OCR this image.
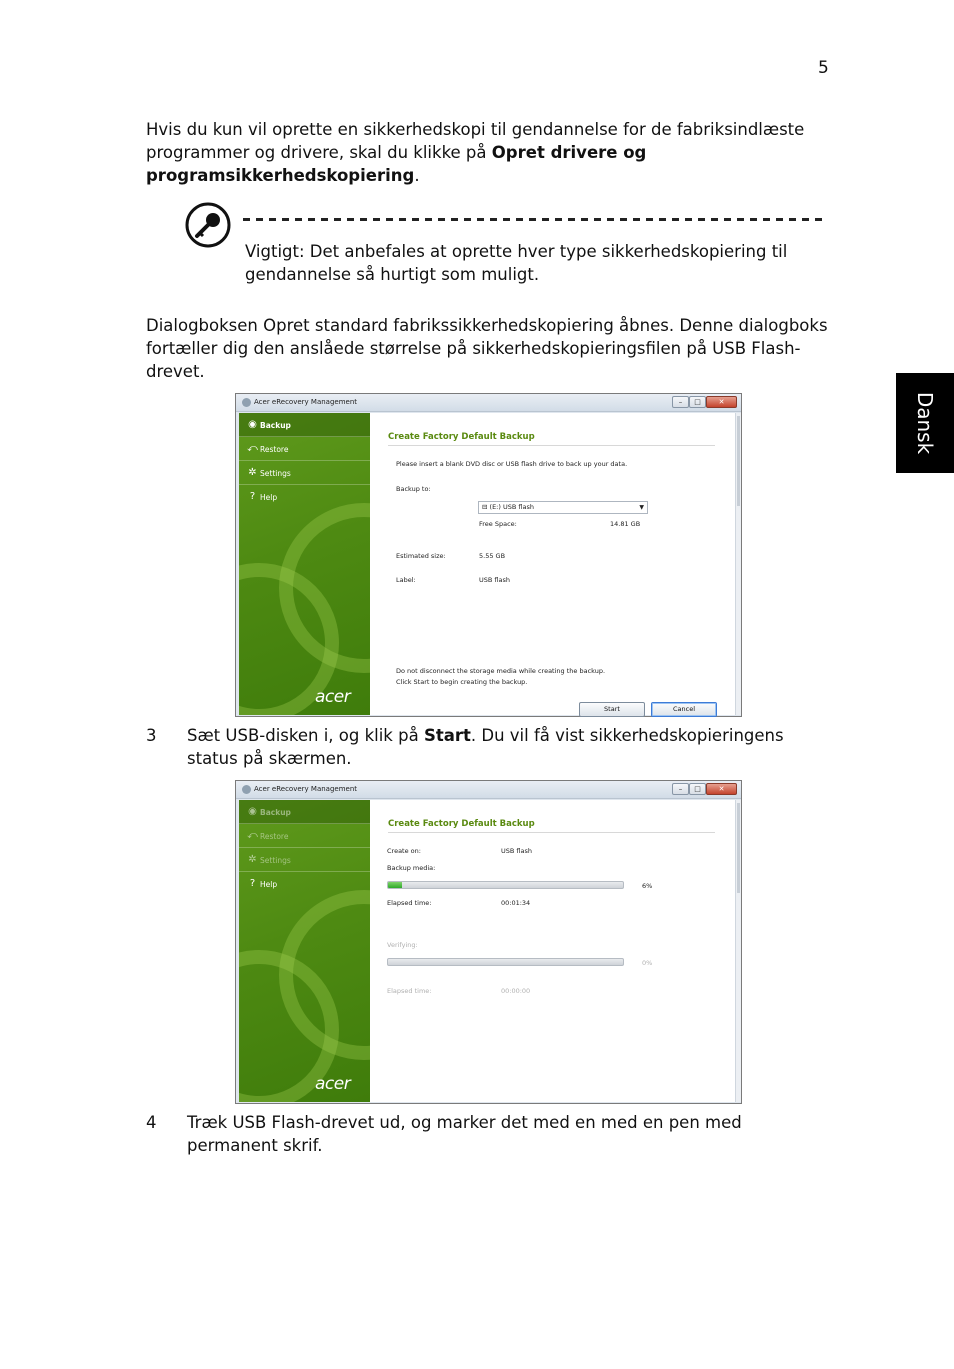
5

Hvis du kun vil oprette en sikkerhedskopi til gendannelse for de fabriksindlæste programmer og drivere, skal du klikke på Opret drivere og programsikkerhedskopiering.

Vigtigt: Det anbefales at oprette hver type sikkerhedskopiering til gendannelse så hurtigt som muligt.

Dialogboksen Opret standard fabrikssikkerhedskopiering åbnes. Denne dialogboks fortæller dig den anslåede størrelse på sikkerhedskopieringsfilen på USB Flash-drevet.

Dansk
Acer eRecovery Management	–	□	✕
◉ Backup
⤺ Restore
✲ Settings
? Help
acer
Create Factory Default Backup
Please insert a blank DVD disc or USB flash drive to back up your data.
Backup to:
⊟ (E:) USB flash	▼
Free Space:	14.81 GB
Estimated size:	5.55 GB
Label:	USB flash
Do not disconnect the storage media while creating the backup.
Click Start to begin creating the backup.
Start	Cancel
3 Sæt USB-disken i, og klik på Start. Du vil få vist sikkerhedskopieringens status på skærmen.
Acer eRecovery Management	–	□	✕
◉ Backup
⤺ Restore
✲ Settings
? Help
acer
Create Factory Default Backup
Create on:	USB flash
Backup media:
6%
Elapsed time:	00:01:34
Verifying:
0%
Elapsed time:	00:00:00
4 Træk USB Flash-drevet ud, og marker det med en med en pen med permanent skrif.
